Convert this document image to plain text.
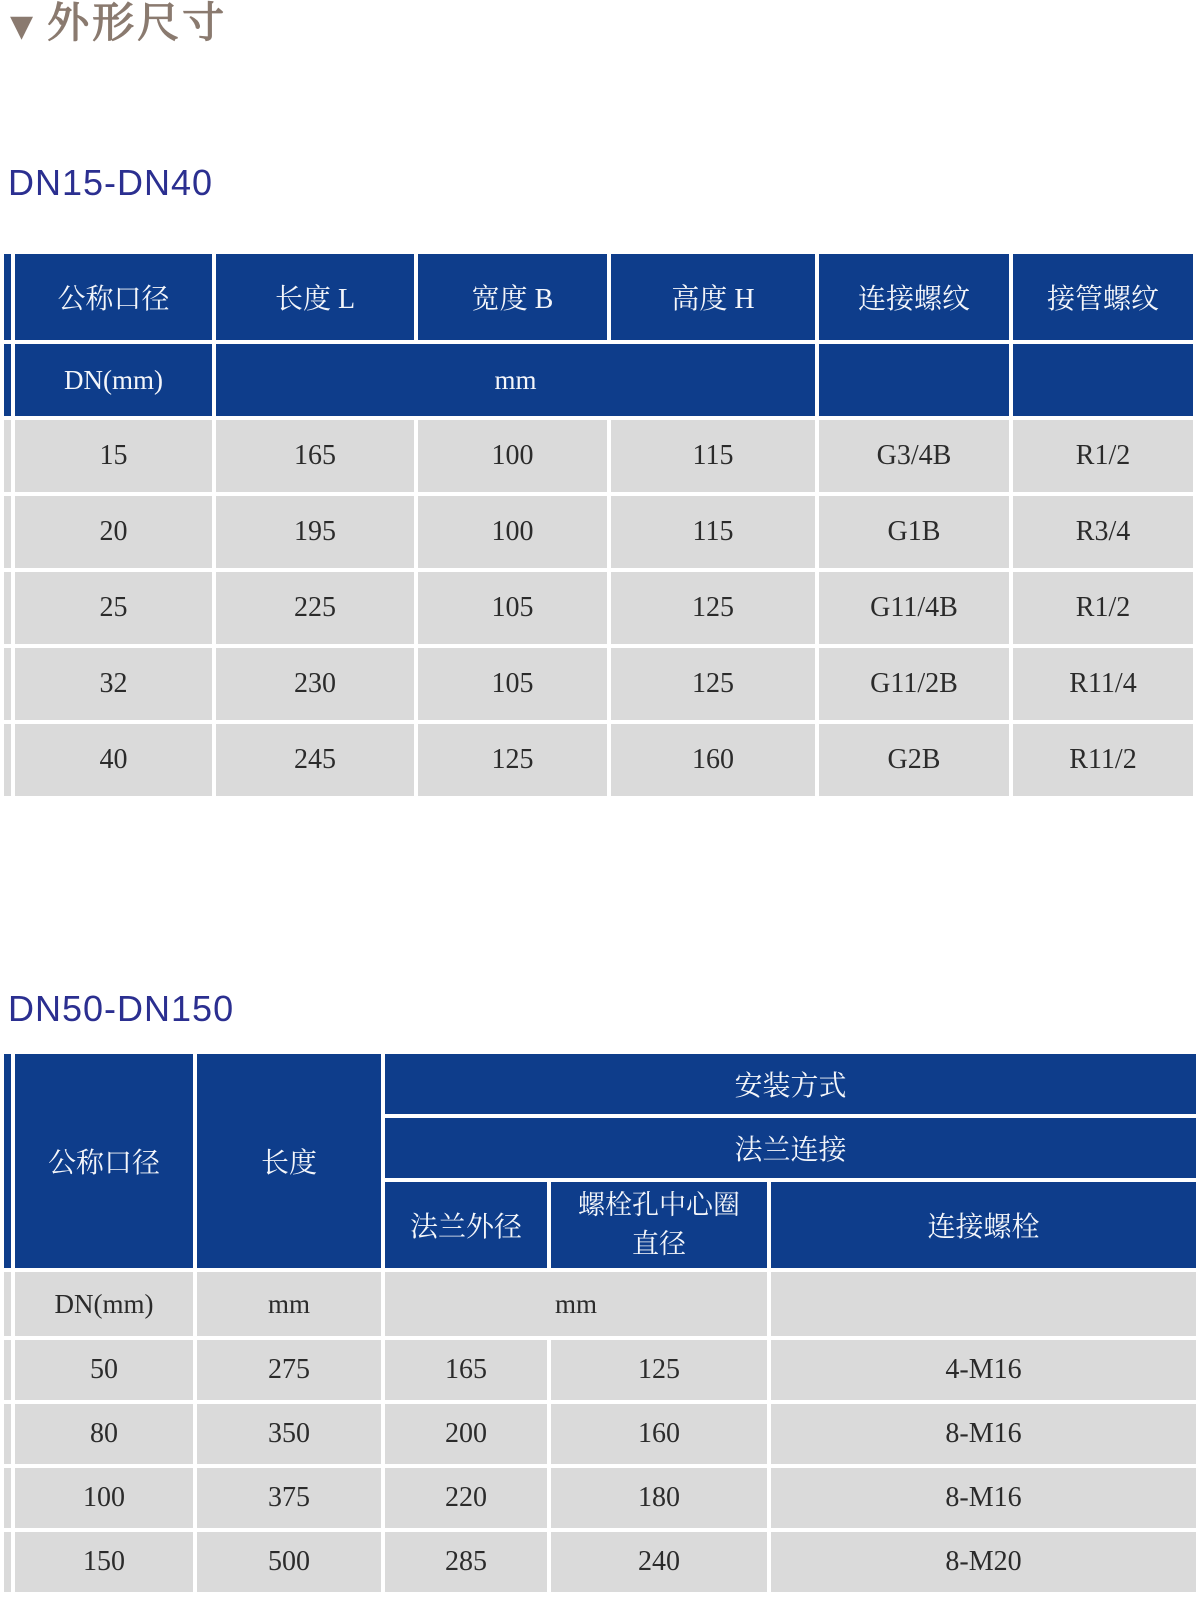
▼ 外形尺寸
DN15-DN40
	公称口径	长度 L	宽度 B	高度 H	连接螺纹	接管螺纹
	DN(mm)	mm				
	15	165	100	115	G3/4B	R1/2
	20	195	100	115	G1B	R3/4
	25	225	105	125	G11/4B	R1/2
	32	230	105	125	G11/2B	R11/4
	40	245	125	160	G2B	R11/2
DN50-DN150
	公称口径	长度	安装方式		
			法兰连接		
			法兰外径	螺栓孔中心圈直径	连接螺栓
	DN(mm)	mm	mm		
	50	275	165	125	4-M16
	80	350	200	160	8-M16
	100	375	220	180	8-M16
	150	500	285	240	8-M20
